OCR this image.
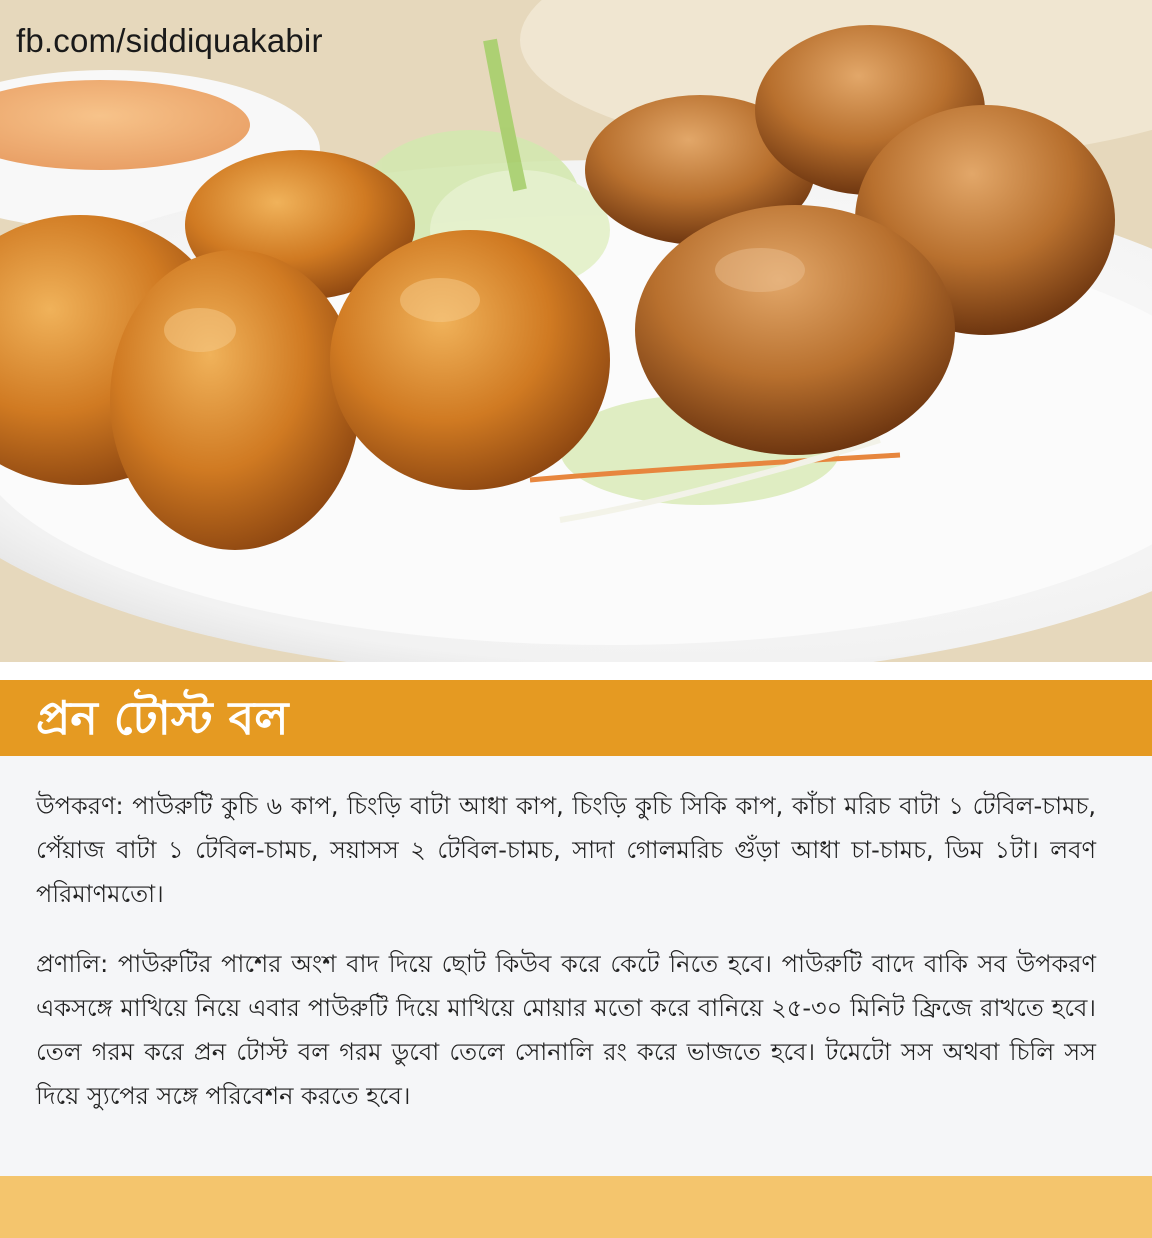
fb.com/siddiquakabir
প্রন টোস্ট বল
উপকরণ: পাউরুটি কুচি ৬ কাপ, চিংড়ি বাটা আধা কাপ, চিংড়ি কুচি সিকি কাপ, কাঁচা মরিচ বাটা ১ টেবিল-চামচ, পেঁয়াজ বাটা ১ টেবিল-চামচ, সয়াসস ২ টেবিল-চামচ, সাদা গোলমরিচ গুঁড়া আধা চা-চামচ, ডিম ১টা। লবণ পরিমাণমতো।
প্রণালি: পাউরুটির পাশের অংশ বাদ দিয়ে ছোট কিউব করে কেটে নিতে হবে। পাউরুটি বাদে বাকি সব উপকরণ একসঙ্গে মাখিয়ে নিয়ে এবার পাউরুটি দিয়ে মাখিয়ে মোয়ার মতো করে বানিয়ে ২৫-৩০ মিনিট ফ্রিজে রাখতে হবে। তেল গরম করে প্রন টোস্ট বল গরম ডুবো তেলে সোনালি রং করে ভাজতে হবে। টমেটো সস অথবা চিলি সস দিয়ে স্যুপের সঙ্গে পরিবেশন করতে হবে।
